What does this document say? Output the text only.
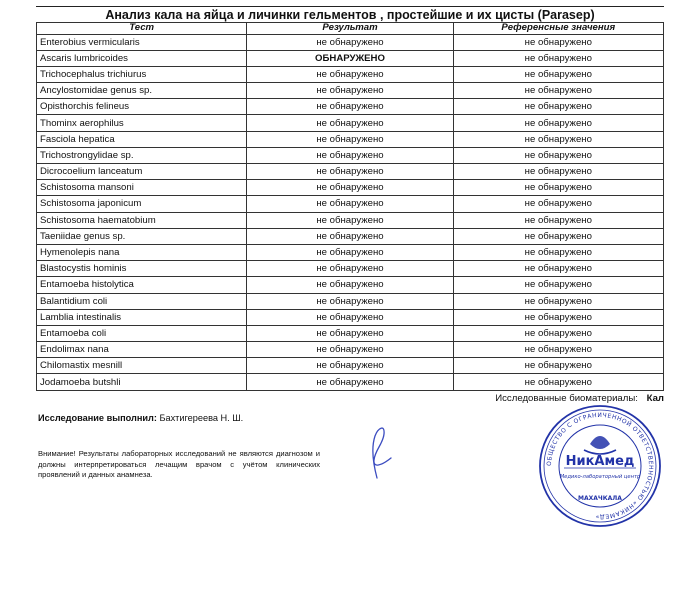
Анализ кала на яйца и личинки гельментов , простейшие и их цисты (Parasep)
Тест	Результат	Референсные значения
Enterobius vermicularis	не обнаружено	не обнаружено
Ascaris lumbricoides	ОБНАРУЖЕНО	не обнаружено
Trichocephalus trichiurus	не обнаружено	не обнаружено
Ancylostomidae genus sp.	не обнаружено	не обнаружено
Opisthorchis felineus	не обнаружено	не обнаружено
Thominx aerophilus	не обнаружено	не обнаружено
Fasciola hepatica	не обнаружено	не обнаружено
Trichostrongylidae sp.	не обнаружено	не обнаружено
Dicrocoelium lanceatum	не обнаружено	не обнаружено
Schistosoma mansoni	не обнаружено	не обнаружено
Schistosoma japonicum	не обнаружено	не обнаружено
Schistosoma haematobium	не обнаружено	не обнаружено
Taeniidae genus sp.	не обнаружено	не обнаружено
Hymenolepis nana	не обнаружено	не обнаружено
Blastocystis hominis	не обнаружено	не обнаружено
Entamoeba histolytica	не обнаружено	не обнаружено
Balantidium coli	не обнаружено	не обнаружено
Lamblia intestinalis	не обнаружено	не обнаружено
Entamoeba coli	не обнаружено	не обнаружено
Endolimax nana	не обнаружено	не обнаружено
Chilomastix mesnill	не обнаружено	не обнаружено
Jodamoeba butshli	не обнаружено	не обнаружено
Исследованные биоматериалы: Кал
Исследование выполнил: Бахтигереева Н. Ш.
Внимание! Результаты лабораторных исследований не являются диагнозом и должны интерпретироваться лечащим врачом с учётом клинических проявлений и данных анамнеза.
ОБЩЕСТВО С ОГРАНИЧЕННОЙ ОТВЕТСТВЕННОСТЬЮ «НИКАМЕД»
Медико-лабораторный центр
МАХАЧКАЛА
НикАмед
